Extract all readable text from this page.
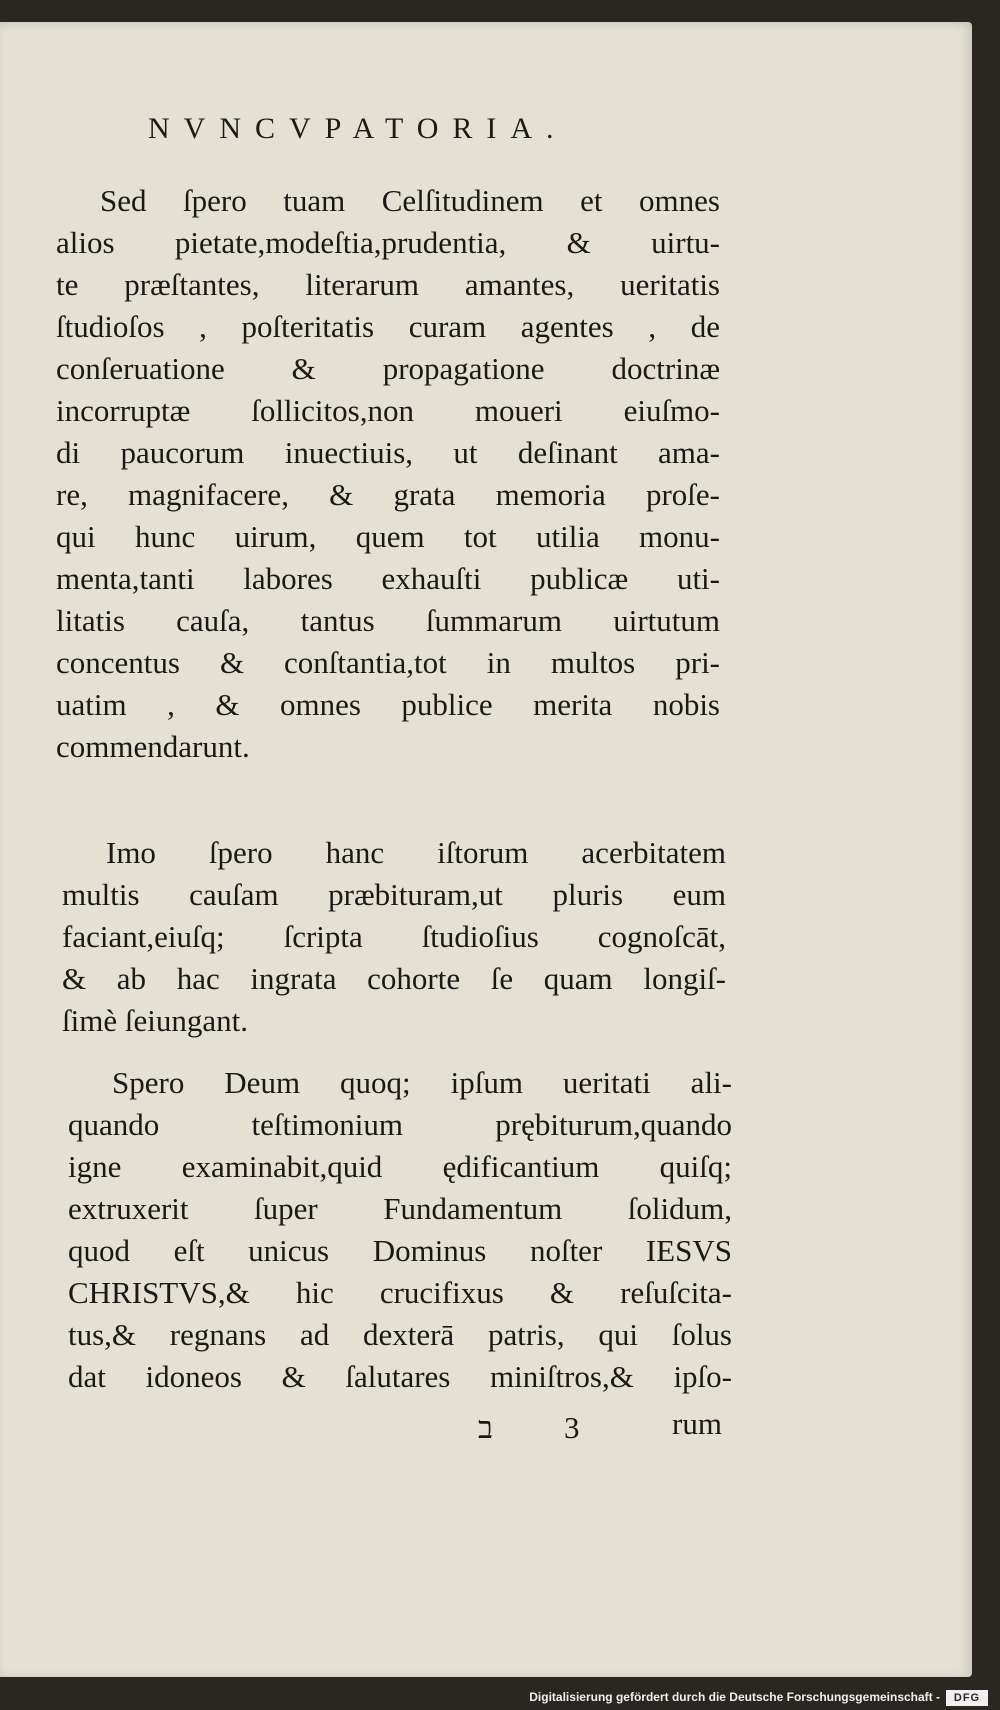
NVNCVPATORIA.
Sed ſpero tuam Celſitudinem et omnes
alios pietate,modeſtia,prudentia, & uirtu-
te præſtantes, literarum amantes, ueritatis
ſtudioſos , poſteritatis curam agentes , de
conſeruatione & propagatione doctrinæ
incorruptæ ſollicitos,non moueri eiuſmo-
di paucorum inuectiuis, ut deſinant ama-
re, magnifacere, & grata memoria proſe-
qui hunc uirum, quem tot utilia monu-
menta,tanti labores exhauſti publicæ uti-
litatis cauſa, tantus ſummarum uirtutum
concentus & conſtantia,tot in multos pri-
uatim , & omnes publice merita nobis
commendarunt.
Imo ſpero hanc iſtorum acerbitatem
multis cauſam præbituram,ut pluris eum
faciant,eiuſq; ſcripta ſtudioſius cognoſcāt,
& ab hac ingrata cohorte ſe quam longiſ-
ſimè ſeiungant.
Spero Deum quoq; ipſum ueritati ali-
quando teſtimonium prębiturum,quando
igne examinabit,quid ędificantium quiſq;
extruxerit ſuper Fundamentum ſolidum,
quod eſt unicus Dominus noſter IESVS
CHRISTVS,& hic crucifixus & reſuſcita-
tus,& regnans ad dexterā patris, qui ſolus
dat idoneos & ſalutares miniſtros,& ipſo-
ב 3	rum
Digitalisierung gefördert durch die Deutsche Forschungsgemeinschaft -	DFG
